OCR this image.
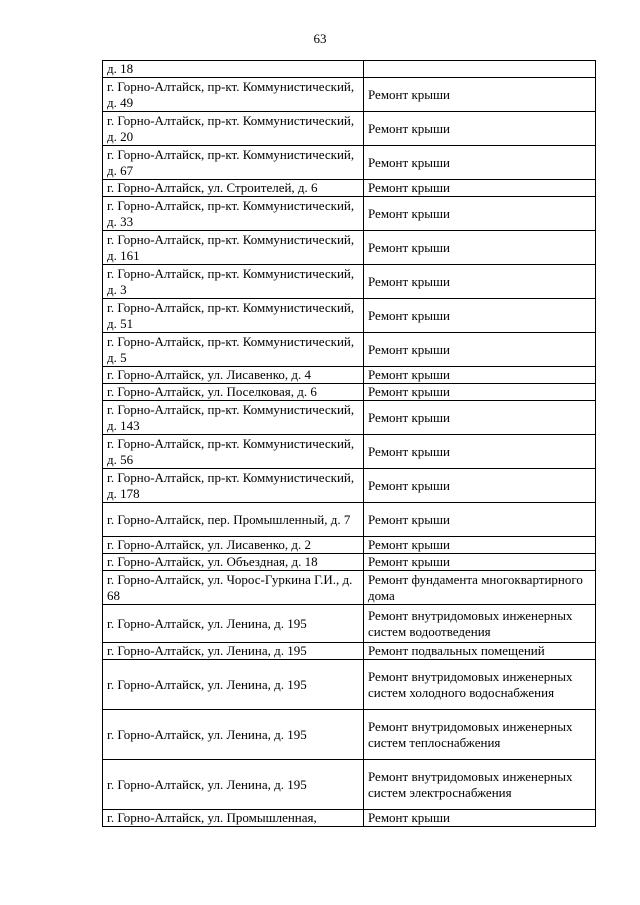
63
д. 18	
г. Горно-Алтайск, пр-кт. Коммунистический, д. 49	Ремонт крыши
г. Горно-Алтайск, пр-кт. Коммунистический, д. 20	Ремонт крыши
г. Горно-Алтайск, пр-кт. Коммунистический, д. 67	Ремонт крыши
г. Горно-Алтайск, ул. Строителей, д. 6	Ремонт крыши
г. Горно-Алтайск, пр-кт. Коммунистический, д. 33	Ремонт крыши
г. Горно-Алтайск, пр-кт. Коммунистический, д. 161	Ремонт крыши
г. Горно-Алтайск, пр-кт. Коммунистический, д. 3	Ремонт крыши
г. Горно-Алтайск, пр-кт. Коммунистический, д. 51	Ремонт крыши
г. Горно-Алтайск, пр-кт. Коммунистический, д. 5	Ремонт крыши
г. Горно-Алтайск, ул. Лисавенко, д. 4	Ремонт крыши
г. Горно-Алтайск, ул. Поселковая, д. 6	Ремонт крыши
г. Горно-Алтайск, пр-кт. Коммунистический, д. 143	Ремонт крыши
г. Горно-Алтайск, пр-кт. Коммунистический, д. 56	Ремонт крыши
г. Горно-Алтайск, пр-кт. Коммунистический, д. 178	Ремонт крыши
г. Горно-Алтайск, пер. Промышленный, д. 7	Ремонт крыши
г. Горно-Алтайск, ул. Лисавенко, д. 2	Ремонт крыши
г. Горно-Алтайск, ул. Объездная, д. 18	Ремонт крыши
г. Горно-Алтайск, ул. Чорос-Гуркина Г.И., д. 68	Ремонт фундамента многоквартирного дома
г. Горно-Алтайск, ул. Ленина, д. 195	Ремонт внутридомовых инженерных систем водоотведения
г. Горно-Алтайск, ул. Ленина, д. 195	Ремонт подвальных помещений
г. Горно-Алтайск, ул. Ленина, д. 195	Ремонт внутридомовых инженерных систем холодного водоснабжения
г. Горно-Алтайск, ул. Ленина, д. 195	Ремонт внутридомовых инженерных систем теплоснабжения
г. Горно-Алтайск, ул. Ленина, д. 195	Ремонт внутридомовых инженерных систем электроснабжения
г. Горно-Алтайск, ул. Промышленная,	Ремонт крыши
